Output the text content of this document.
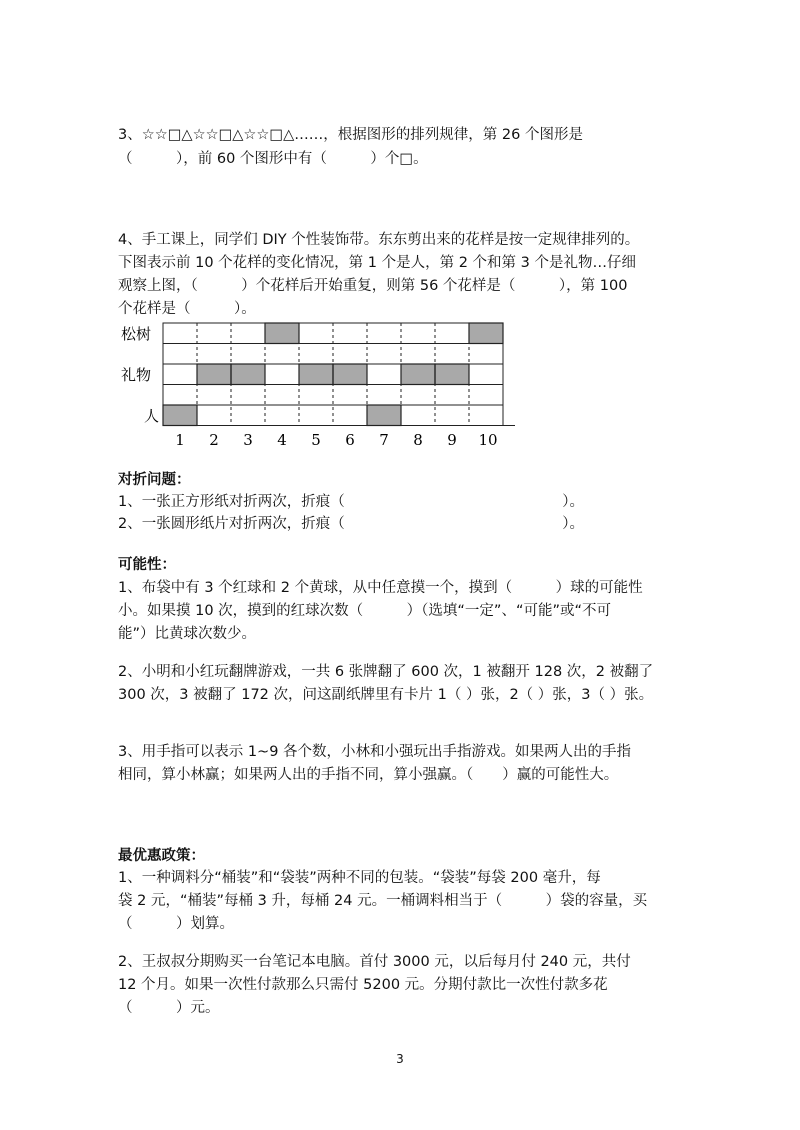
3、☆☆□△☆☆□△☆☆□△……，根据图形的排列规律，第 26 个图形是
（　　　），前 60 个图形中有（　　　）个□。
4、手工课上，同学们 DIY 个性装饰带。东东剪出来的花样是按一定规律排列的。
下图表示前 10 个花样的变化情况，第 1 个是人，第 2 个和第 3 个是礼物…仔细
观察上图，（　　　）个花样后开始重复，则第 56 个花样是（　　　），第 100
个花样是（　　　）。
松树
礼物
人
1 2 3 4 5 6 7 8 9 10
对折问题：
1、一张正方形纸对折两次，折痕（　　　　　　　　　　　　　　　）。
2、一张圆形纸片对折两次，折痕（　　　　　　　　　　　　　　　）。
可能性：
1、布袋中有 3 个红球和 2 个黄球，从中任意摸一个，摸到（　　　）球的可能性
小。如果摸 10 次，摸到的红球次数（　　　）（选填“一定”、“可能”或“不可
能”）比黄球次数少。
2、小明和小红玩翻牌游戏，一共 6 张牌翻了 600 次，1 被翻开 128 次，2 被翻了
300 次，3 被翻了 172 次，问这副纸牌里有卡片 1（ ）张，2（ ）张，3（ ）张。
3、用手指可以表示 1~9 各个数，小林和小强玩出手指游戏。如果两人出的手指
相同，算小林赢；如果两人出的手指不同，算小强赢。（　　）赢的可能性大。
最优惠政策：
1、一种调料分“桶装”和“袋装”两种不同的包装。“袋装”每袋 200 毫升，每
袋 2 元，“桶装”每桶 3 升，每桶 24 元。一桶调料相当于（　　　）袋的容量，买
（　　　）划算。
2、王叔叔分期购买一台笔记本电脑。首付 3000 元，以后每月付 240 元，共付
12 个月。如果一次性付款那么只需付 5200 元。分期付款比一次性付款多花
（　　　）元。
3
